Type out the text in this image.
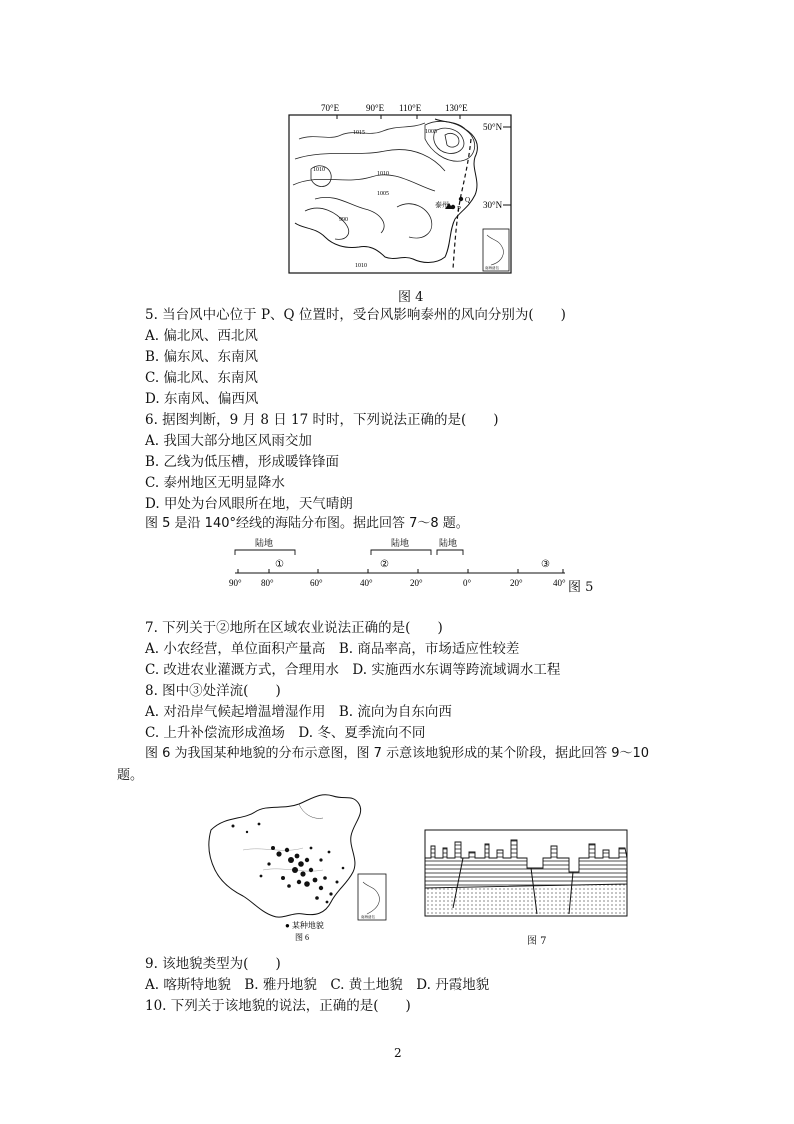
70°E	90°E 110°E	130°E
50°N
30°N
1015	1005
1010
1005
1010
990
1010
泰州 P
Q
南海诸岛
图 4
5. 当台风中心位于 P、Q 位置时，受台风影响泰州的风向分别为(　　)
A. 偏北风、西北风
B. 偏东风、东南风
C. 偏北风、东南风
D. 东南风、偏西风
6. 据图判断，9 月 8 日 17 时时，下列说法正确的是(　　)
A. 我国大部分地区风雨交加
B. 乙线为低压槽，形成暖锋锋面
C. 泰州地区无明显降水
D. 甲处为台风眼所在地，天气晴朗
图 5 是沿 140°经线的海陆分布图。据此回答 7～8 题。
陆地	陆地	陆地
①	②	③
90° 80°	60°	40°	20°	0°	20°	40° 图 5
7. 下列关于②地所在区域农业说法正确的是(　　)
A. 小农经营，单位面积产量高　B. 商品率高，市场适应性较差
C. 改进农业灌溉方式，合理用水　D. 实施西水东调等跨流域调水工程
8. 图中③处洋流(　　)
A. 对沿岸气候起增温增湿作用　B. 流向为自东向西
C. 上升补偿流形成渔场　D. 冬、夏季流向不同
图 6 为我国某种地貌的分布示意图，图 7 示意该地貌形成的某个阶段，据此回答 9～10
题。
南海诸岛
● 某种地貌
图 6	图 7
9. 该地貌类型为(　　)
A. 喀斯特地貌　B. 雅丹地貌　C. 黄土地貌　D. 丹霞地貌
10. 下列关于该地貌的说法，正确的是(　　)
2
